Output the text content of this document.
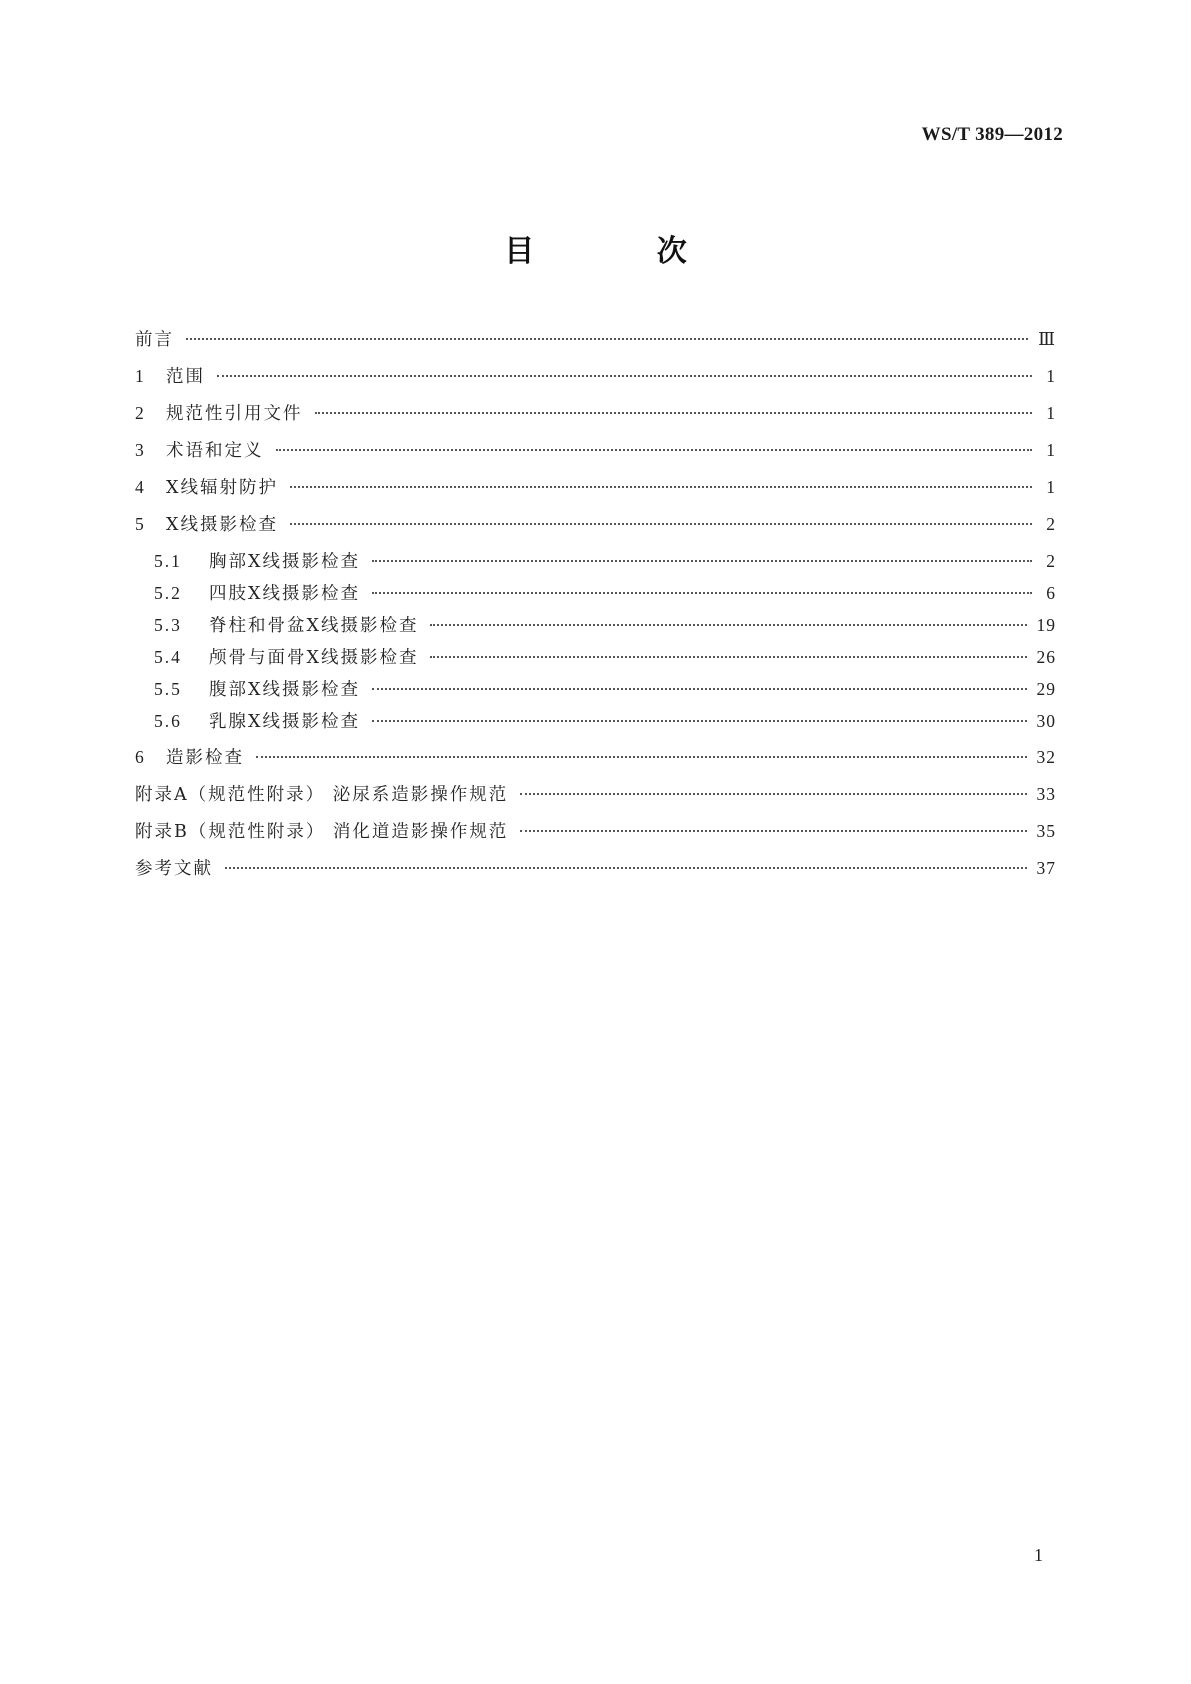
WS/T 389—2012
目 次
前言	Ⅲ
1	范围	1
2	规范性引用文件	1
3	术语和定义	1
4	X线辐射防护	1
5	X线摄影检查	2
5.1	胸部X线摄影检查	2
5.2	四肢X线摄影检查	6
5.3	脊柱和骨盆X线摄影检查	19
5.4	颅骨与面骨X线摄影检查	26
5.5	腹部X线摄影检查	29
5.6	乳腺X线摄影检查	30
6	造影检查	32
附录A（规范性附录） 泌尿系造影操作规范	33
附录B（规范性附录） 消化道造影操作规范	35
参考文献	37
1
